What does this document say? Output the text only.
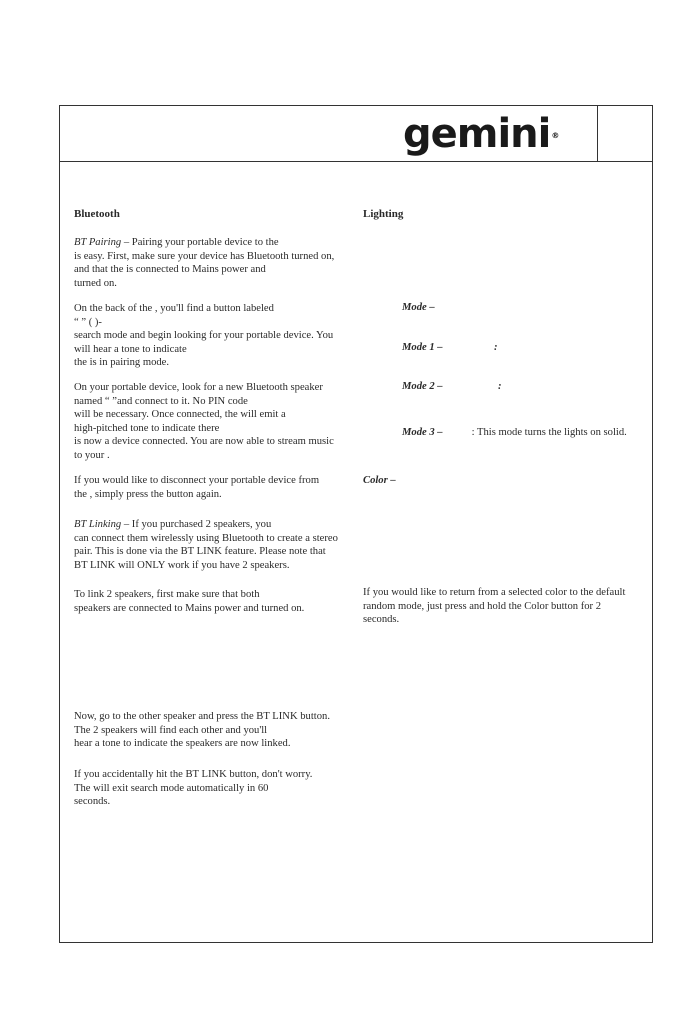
gemini®
Bluetooth
BT Pairing – Pairing your portable device to the
is easy. First, make sure your device has Bluetooth turned on,
and that the is connected to Mains power and
turned on.
On the back of the , you'll find a button labeled
“ ” ( )-
search mode and begin looking for your portable device. You
will hear a tone to indicate
the is in pairing mode.
On your portable device, look for a new Bluetooth speaker
named “ ”and connect to it. No PIN code
will be necessary. Once connected, the will emit a
high-pitched tone to indicate there
is now a device connected. You are now able to stream music
to your .
If you would like to disconnect your portable device from
the , simply press the button again.
BT Linking – If you purchased 2 speakers, you
can connect them wirelessly using Bluetooth to create a stereo
pair. This is done via the BT LINK feature. Please note that
BT LINK will ONLY work if you have 2 speakers.
To link 2 speakers, first make sure that both
speakers are connected to Mains power and turned on.
Now, go to the other speaker and press the BT LINK button.
The 2 speakers will find each other and you'll
hear a tone to indicate the speakers are now linked.
If you accidentally hit the BT LINK button, don't worry.
The will exit search mode automatically in 60
seconds.
Lighting
Mode –
Mode 1 –	:
Mode 2 –	:
Mode 3 –	: This mode turns the lights on solid.
Color –
If you would like to return from a selected color to the default
random mode, just press and hold the Color button for 2
seconds.
